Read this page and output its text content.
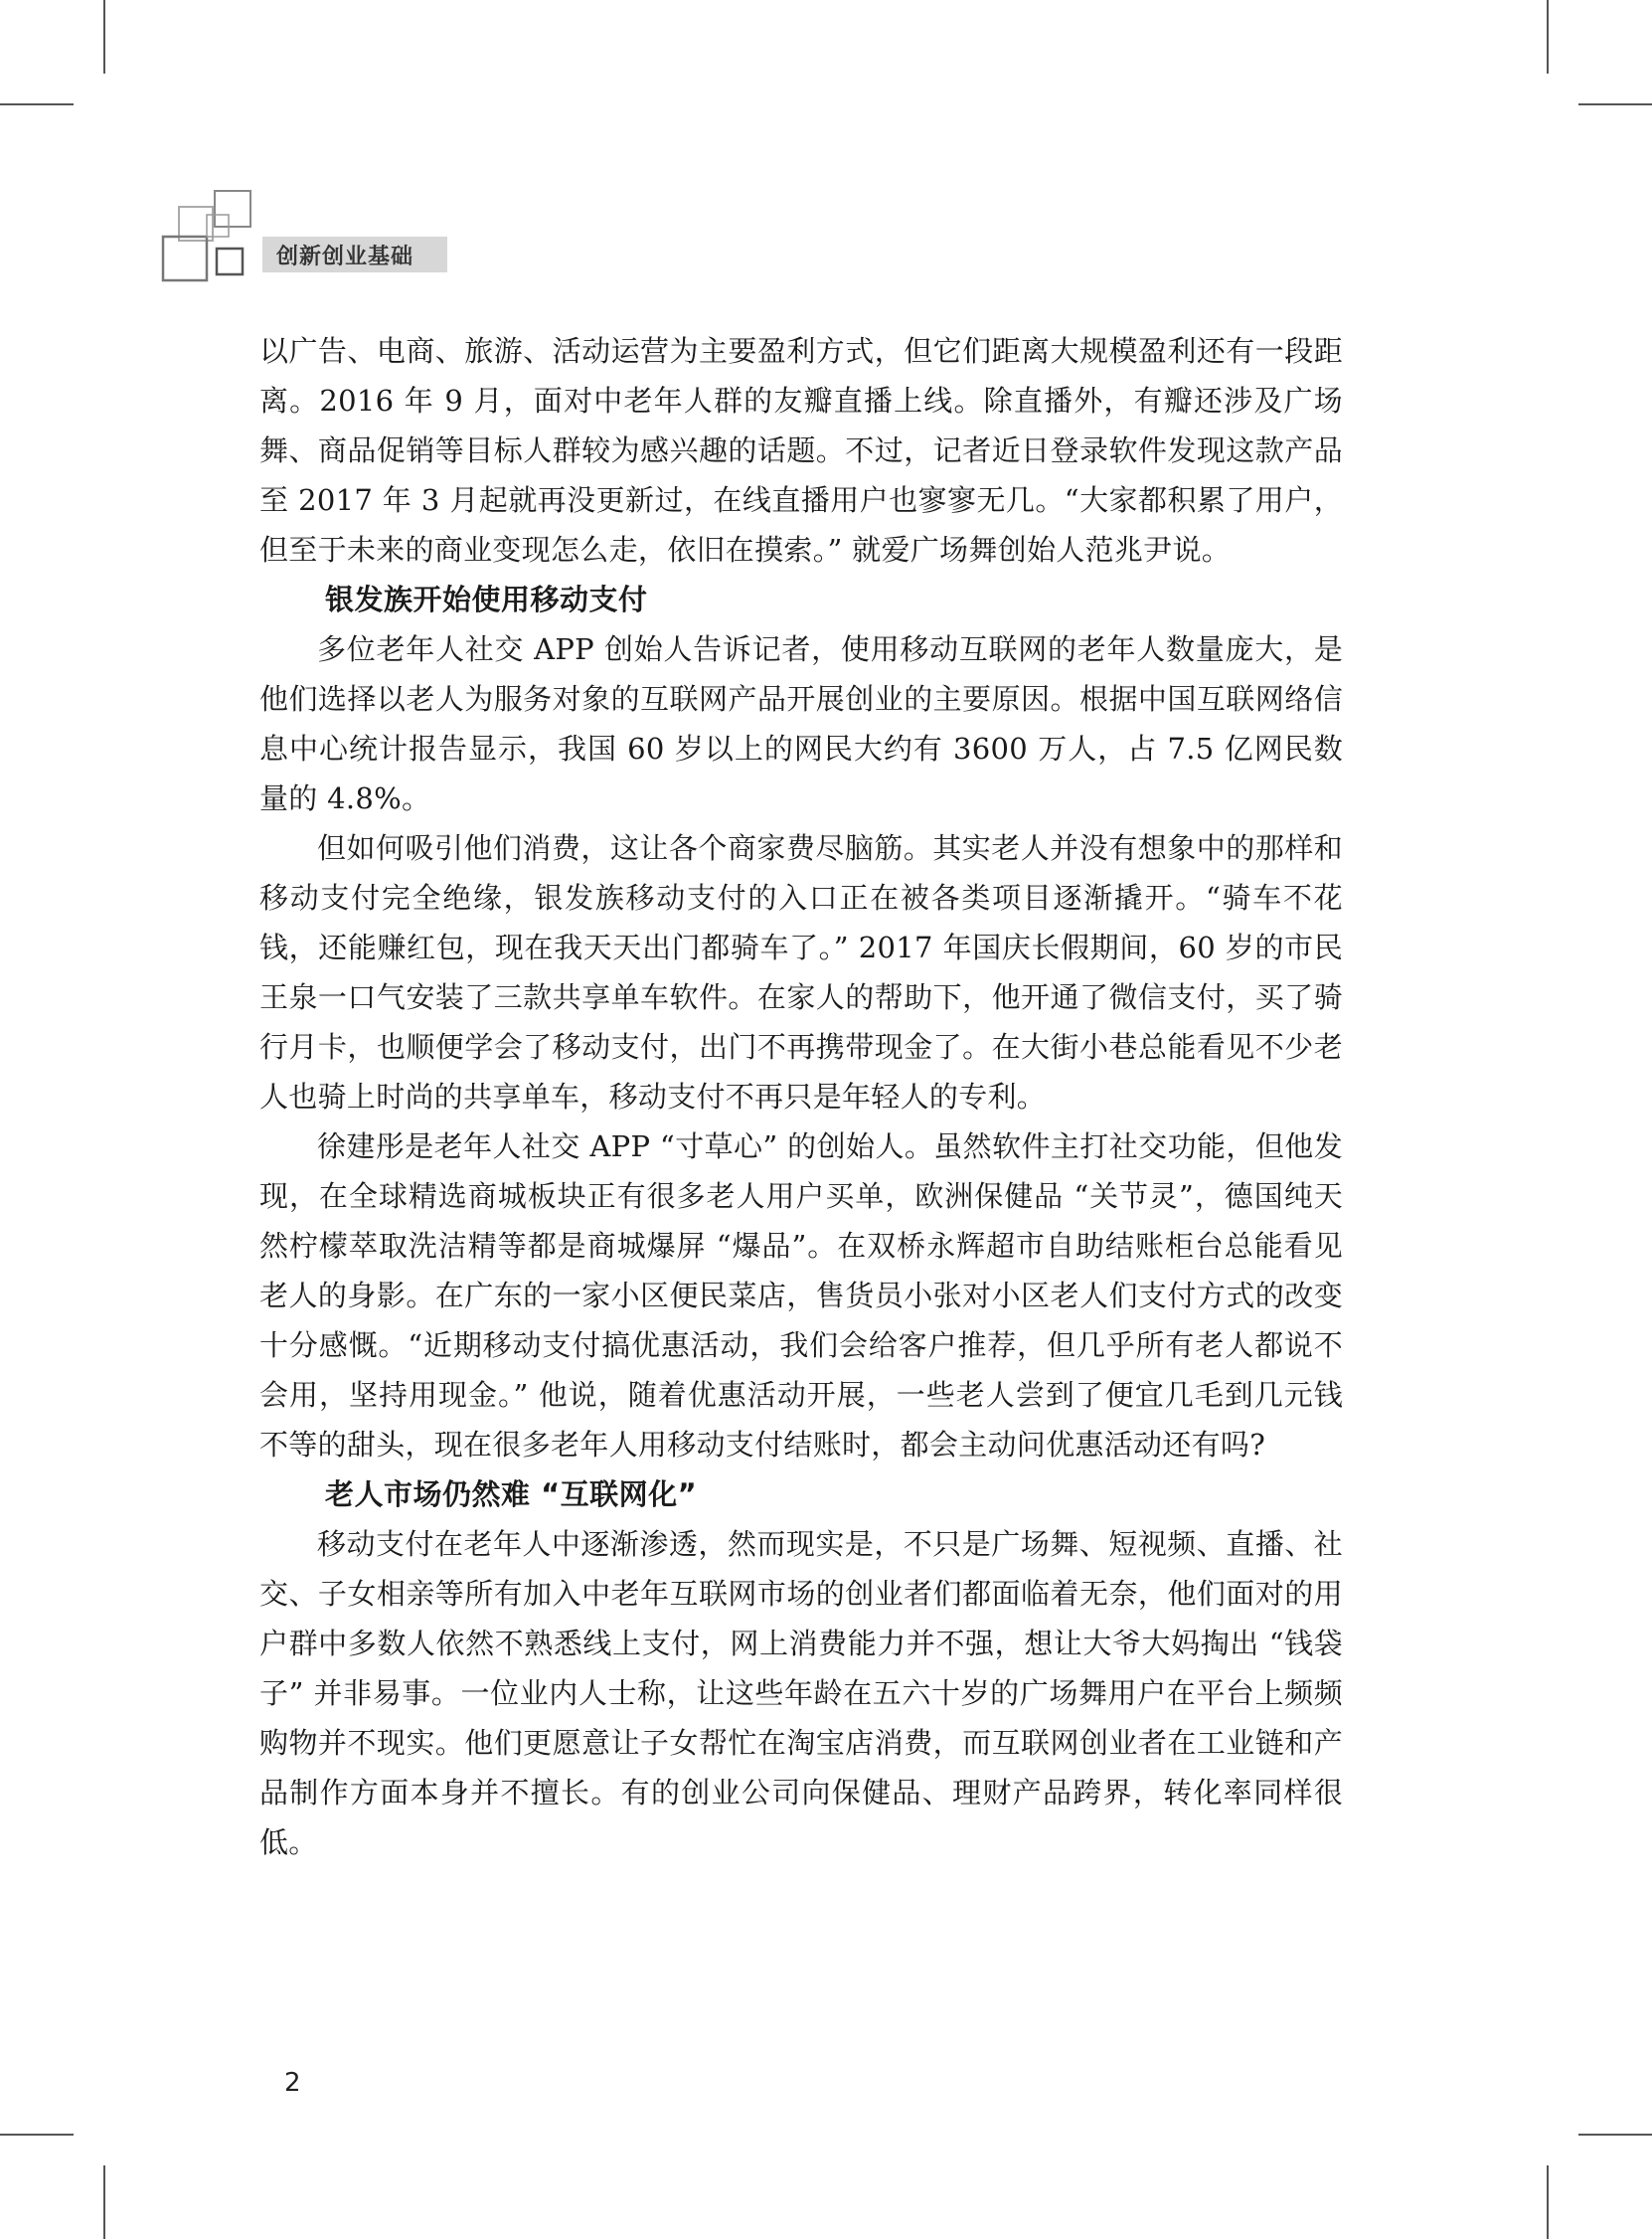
创新创业基础

以广告、电商、旅游、活动运营为主要盈利方式，但它们距离大规模盈利还有一段距离。2016 年 9 月，面对中老年人群的友瓣直播上线。除直播外，有瓣还涉及广场舞、商品促销等目标人群较为感兴趣的话题。不过，记者近日登录软件发现这款产品至 2017 年 3 月起就再没更新过，在线直播用户也寥寥无几。“大家都积累了用户，但至于未来的商业变现怎么走，依旧在摸索。” 就爱广场舞创始人范兆尹说。

银发族开始使用移动支付

多位老年人社交 APP 创始人告诉记者，使用移动互联网的老年人数量庞大，是他们选择以老人为服务对象的互联网产品开展创业的主要原因。根据中国互联网络信息中心统计报告显示，我国 60 岁以上的网民大约有 3600 万人，占 7.5 亿网民数量的 4.8%。

但如何吸引他们消费，这让各个商家费尽脑筋。其实老人并没有想象中的那样和移动支付完全绝缘，银发族移动支付的入口正在被各类项目逐渐撬开。“骑车不花钱，还能赚红包，现在我天天出门都骑车了。” 2017 年国庆长假期间，60 岁的市民王泉一口气安装了三款共享单车软件。在家人的帮助下，他开通了微信支付，买了骑行月卡，也顺便学会了移动支付，出门不再携带现金了。在大街小巷总能看见不少老人也骑上时尚的共享单车，移动支付不再只是年轻人的专利。

徐建彤是老年人社交 APP “寸草心” 的创始人。虽然软件主打社交功能，但他发现，在全球精选商城板块正有很多老人用户买单，欧洲保健品 “关节灵”，德国纯天然柠檬萃取洗洁精等都是商城爆屏 “爆品”。在双桥永辉超市自助结账柜台总能看见老人的身影。在广东的一家小区便民菜店，售货员小张对小区老人们支付方式的改变十分感慨。“近期移动支付搞优惠活动，我们会给客户推荐，但几乎所有老人都说不会用，坚持用现金。” 他说，随着优惠活动开展，一些老人尝到了便宜几毛到几元钱不等的甜头，现在很多老年人用移动支付结账时，都会主动问优惠活动还有吗?

老人市场仍然难 “互联网化”

移动支付在老年人中逐渐渗透，然而现实是，不只是广场舞、短视频、直播、社交、子女相亲等所有加入中老年互联网市场的创业者们都面临着无奈，他们面对的用户群中多数人依然不熟悉线上支付，网上消费能力并不强，想让大爷大妈掏出 “钱袋子” 并非易事。一位业内人士称，让这些年龄在五六十岁的广场舞用户在平台上频频购物并不现实。他们更愿意让子女帮忙在淘宝店消费，而互联网创业者在工业链和产品制作方面本身并不擅长。有的创业公司向保健品、理财产品跨界，转化率同样很低。

2
